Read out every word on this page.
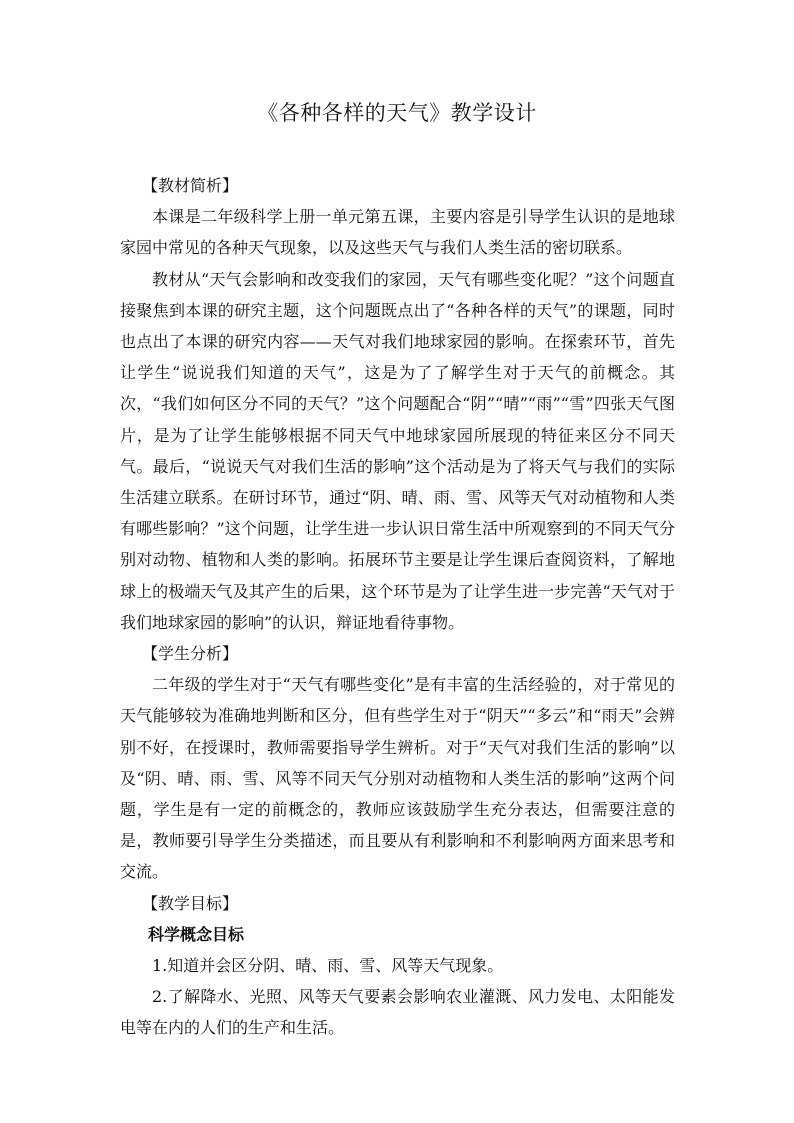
《各种各样的天气》教学设计

【教材简析】

本课是二年级科学上册一单元第五课，主要内容是引导学生认识的是地球家园中常见的各种天气现象，以及这些天气与我们人类生活的密切联系。

教材从“天气会影响和改变我们的家园，天气有哪些变化呢？”这个问题直接聚焦到本课的研究主题，这个问题既点出了“各种各样的天气”的课题，同时也点出了本课的研究内容——天气对我们地球家园的影响。在探索环节，首先让学生“说说我们知道的天气”，这是为了了解学生对于天气的前概念。其次，“我们如何区分不同的天气？”这个问题配合“阴”“晴”“雨”“雪”四张天气图片，是为了让学生能够根据不同天气中地球家园所展现的特征来区分不同天气。最后，“说说天气对我们生活的影响”这个活动是为了将天气与我们的实际生活建立联系。在研讨环节，通过“阴、晴、雨、雪、风等天气对动植物和人类有哪些影响？”这个问题，让学生进一步认识日常生活中所观察到的不同天气分别对动物、植物和人类的影响。拓展环节主要是让学生课后查阅资料，了解地球上的极端天气及其产生的后果，这个环节是为了让学生进一步完善“天气对于我们地球家园的影响”的认识，辩证地看待事物。

【学生分析】

二年级的学生对于“天气有哪些变化”是有丰富的生活经验的，对于常见的天气能够较为准确地判断和区分，但有些学生对于“阴天”“多云”和“雨天”会辨别不好，在授课时，教师需要指导学生辨析。对于“天气对我们生活的影响”以及“阴、晴、雨、雪、风等不同天气分别对动植物和人类生活的影响”这两个问题，学生是有一定的前概念的，教师应该鼓励学生充分表达，但需要注意的是，教师要引导学生分类描述，而且要从有利影响和不利影响两方面来思考和交流。

【教学目标】

科学概念目标

1.知道并会区分阴、晴、雨、雪、风等天气现象。

2.了解降水、光照、风等天气要素会影响农业灌溉、风力发电、太阳能发电等在内的人们的生产和生活。
